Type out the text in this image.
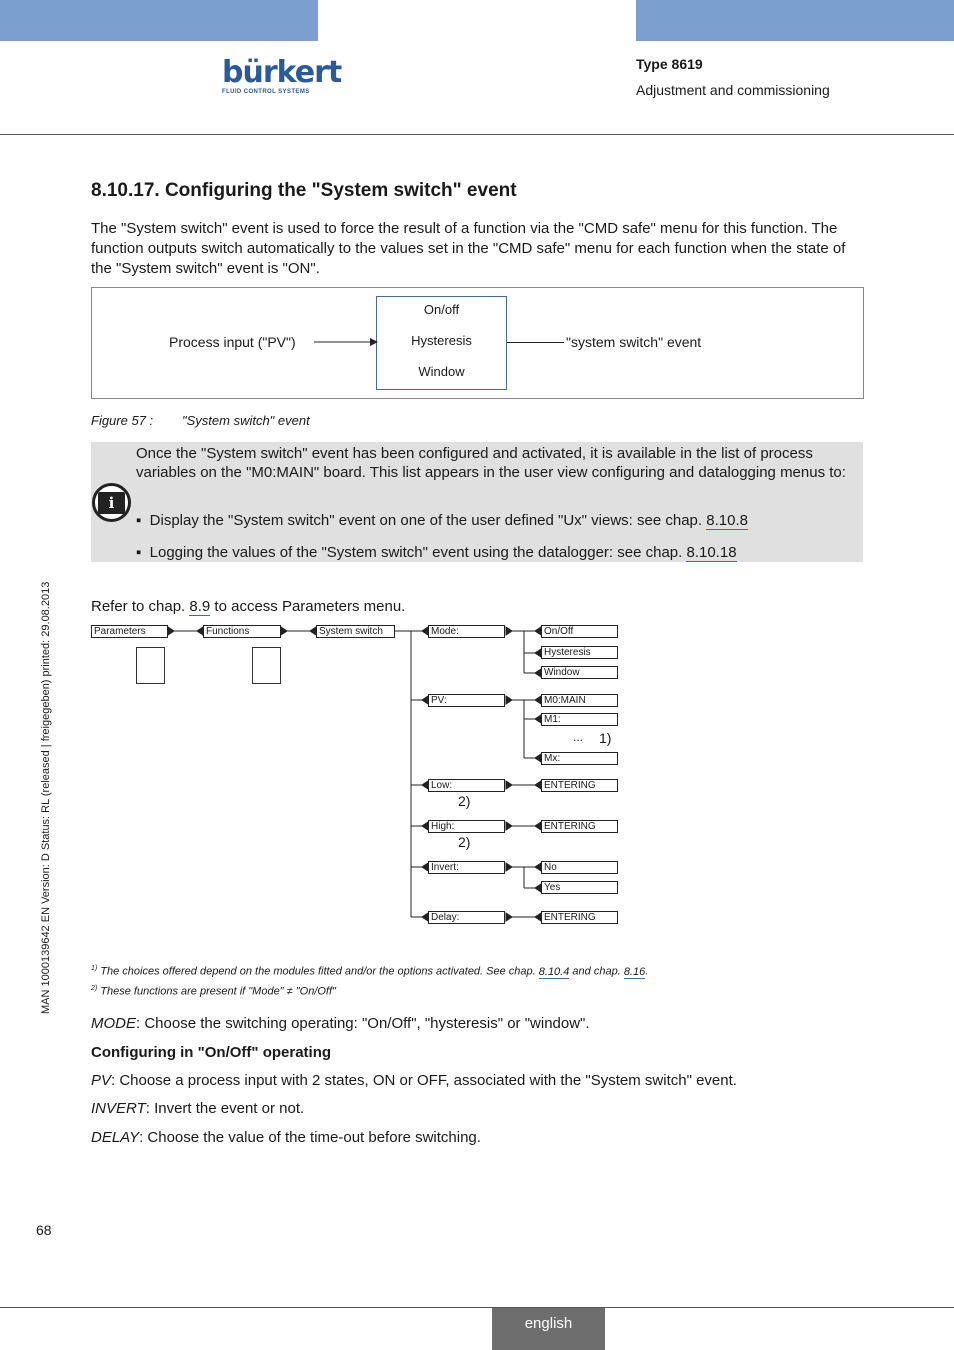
bürkert
FLUID CONTROL SYSTEMS
Type 8619
Adjustment and commissioning
8.10.17. Configuring the "System switch" event
The "System switch" event is used to force the result of a function via the "CMD safe" menu for this function. The function outputs switch automatically to the values set in the "CMD safe" menu for each function when the state of the "System switch" event is "ON".
Process input ("PV")
On/off
Hysteresis
Window
"system switch" event
Figure 57 : "System switch" event
i
Once the "System switch" event has been configured and activated, it is available in the list of process variables on the "M0:MAIN" board. This list appears in the user view configuring and datalogging menus to:
▪  Display the "System switch" event on one of the user defined "Ux" views: see chap. 8.10.8
▪  Logging the values of the "System switch" event using the datalogger: see chap. 8.10.18
Refer to chap. 8.9 to access Parameters menu.
Parameters	Functions	System switch	Mode:	On/Off
Hysteresis
Window
PV:	M0:MAIN
M1:
... 1)
Mx:
Low:	ENTERING
2)
High:	ENTERING
2)
Invert:	No
Yes
Delay:	ENTERING
$^{1)}$ The choices offered depend on the modules fitted and/or the options activated. See chap. 8.10.4 and chap. 8.16.
$^{2)}$ These functions are present if "Mode" ≠ "On/Off"
MODE: Choose the switching operating: "On/Off", "hysteresis" or "window".
Configuring in "On/Off" operating
PV: Choose a process input with 2 states, ON or OFF, associated with the "System switch" event.
INVERT: Invert the event or not.
DELAY: Choose the value of the time-out before switching.
MAN 1000139642 EN Version: D Status: RL (released | freigegeben) printed: 29.08.2013
68
english
